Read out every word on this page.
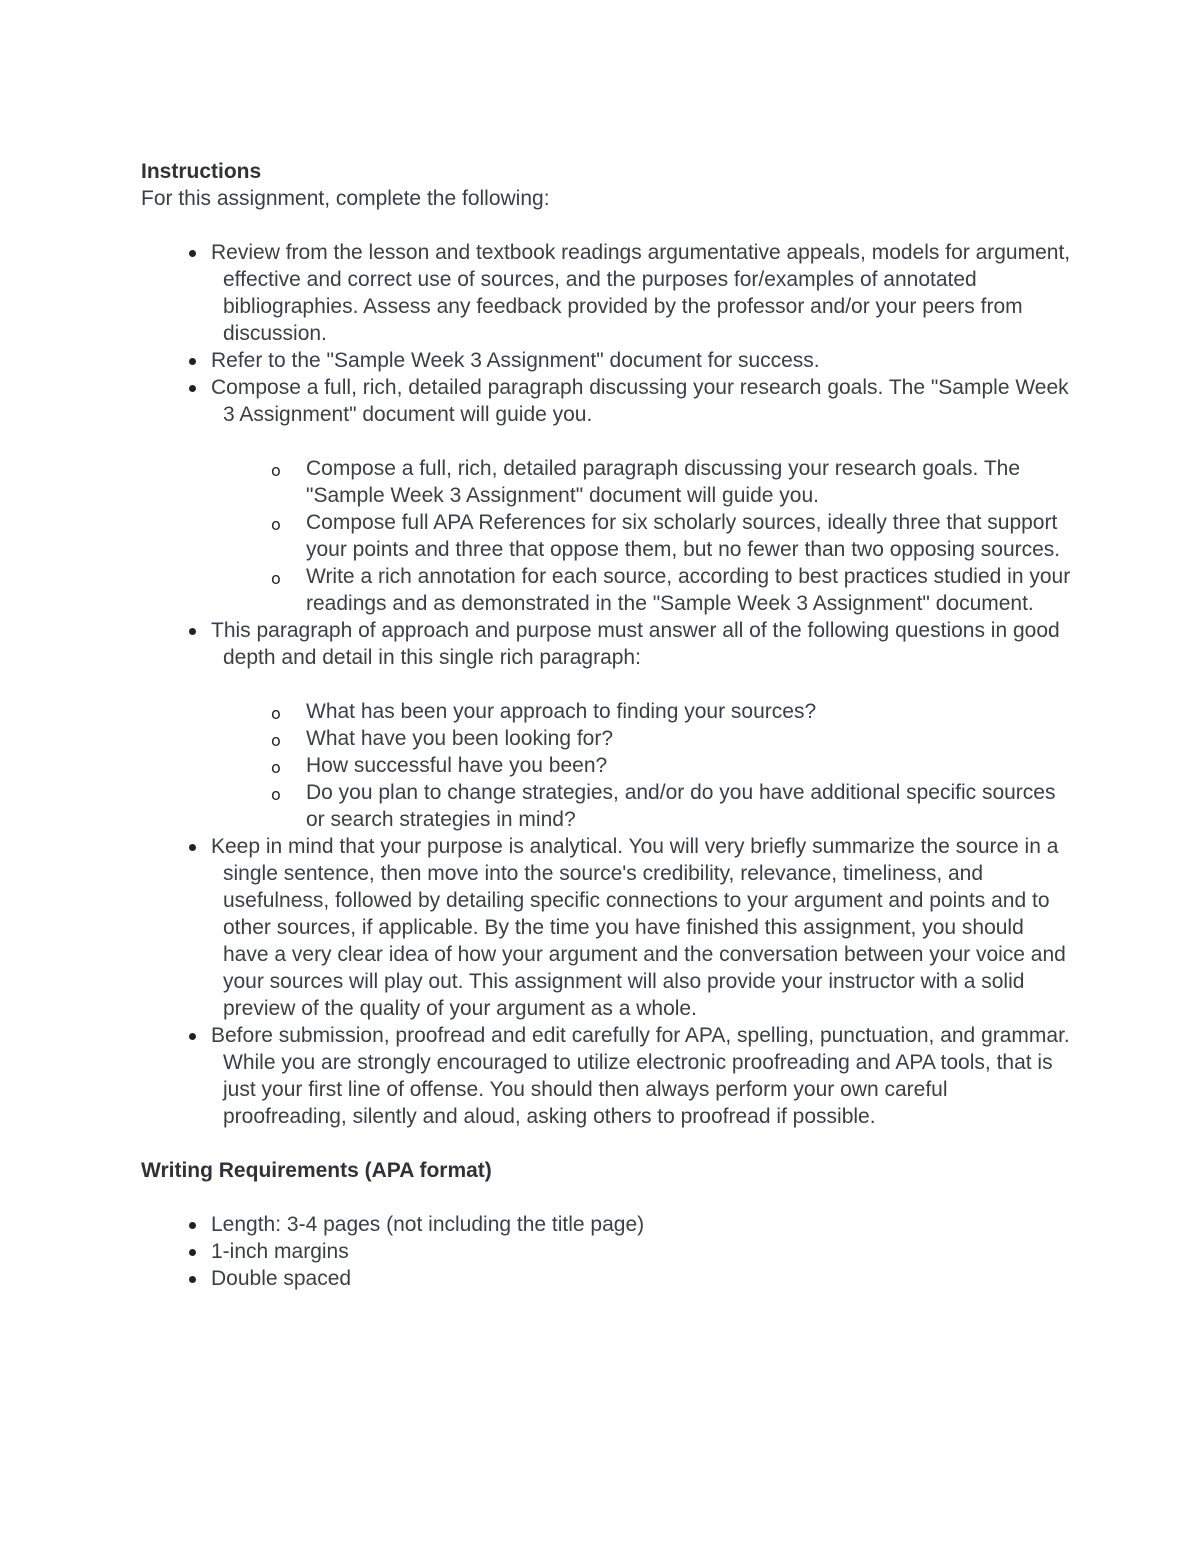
Instructions

For this assignment, complete the following:

Review from the lesson and textbook readings argumentative appeals, models for argument, effective and correct use of sources, and the purposes for/examples of annotated bibliographies. Assess any feedback provided by the professor and/or your peers from discussion.
Refer to the "Sample Week 3 Assignment" document for success.
Compose a full, rich, detailed paragraph discussing your research goals. The "Sample Week 3 Assignment" document will guide you.
o Compose a full, rich, detailed paragraph discussing your research goals. The "Sample Week 3 Assignment" document will guide you.
o Compose full APA References for six scholarly sources, ideally three that support your points and three that oppose them, but no fewer than two opposing sources.
o Write a rich annotation for each source, according to best practices studied in your readings and as demonstrated in the "Sample Week 3 Assignment" document.
This paragraph of approach and purpose must answer all of the following questions in good depth and detail in this single rich paragraph:
o What has been your approach to finding your sources?
o What have you been looking for?
o How successful have you been?
o Do you plan to change strategies, and/or do you have additional specific sources or search strategies in mind?
Keep in mind that your purpose is analytical. You will very briefly summarize the source in a single sentence, then move into the source's credibility, relevance, timeliness, and usefulness, followed by detailing specific connections to your argument and points and to other sources, if applicable. By the time you have finished this assignment, you should have a very clear idea of how your argument and the conversation between your voice and your sources will play out. This assignment will also provide your instructor with a solid preview of the quality of your argument as a whole.
Before submission, proofread and edit carefully for APA, spelling, punctuation, and grammar. While you are strongly encouraged to utilize electronic proofreading and APA tools, that is just your first line of offense. You should then always perform your own careful proofreading, silently and aloud, asking others to proofread if possible.

Writing Requirements (APA format)

Length: 3-4 pages (not including the title page)
1-inch margins
Double spaced
